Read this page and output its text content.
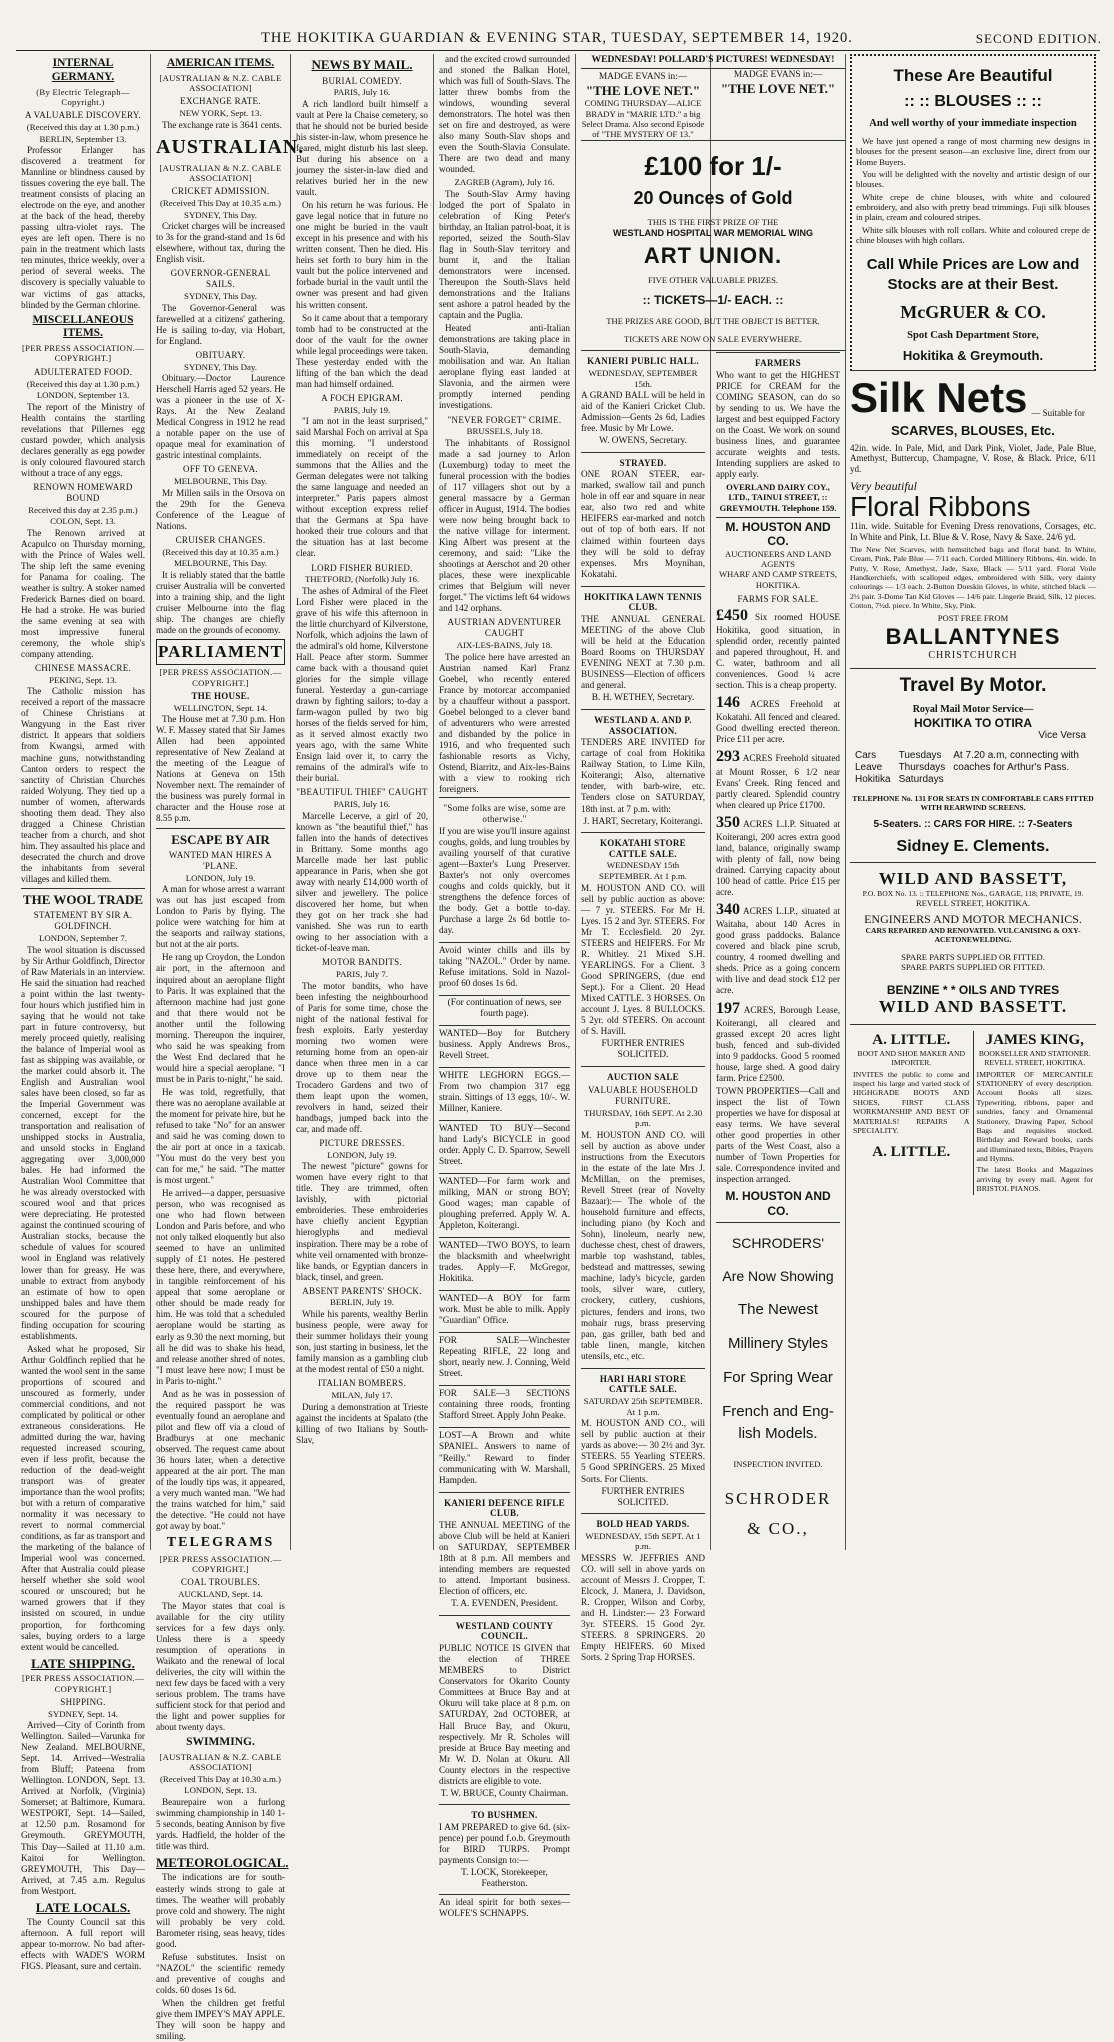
THE HOKITIKA GUARDIAN & EVENING STAR, TUESDAY, SEPTEMBER 14, 1920.	SECOND EDITION.
INTERNAL GERMANY.
(By Electric Telegraph—Copyright.)
A VALUABLE DISCOVERY.
(Received this day at 1.30 p.m.)
BERLIN, September 13.

Professor Erlanger has discovered a treatment for Mannline or blindness caused by tissues covering the eye ball. The treatment consists of placing an electrode on the eye, and another at the back of the head, thereby passing ultra-violet rays. The eyes are left open. There is no pain in the treatment which lasts ten minutes, thrice weekly, over a period of several weeks. The discovery is specially valuable to war victims of gas attacks, blinded by the German chlorine.

MISCELLANEOUS ITEMS.
[PER PRESS ASSOCIATION.—COPYRIGHT.]
ADULTERATED FOOD.
(Received this day at 1.30 p.m.)
LONDON, September 13.

The report of the Ministry of Health contains the startling revelations that Pillernes egg custard powder, which analysis declares generally as egg powder is only coloured flavoured starch without a trace of any eggs.

RENOWN HOMEWARD BOUND
Received this day at 2.35 p.m.)
COLON, Sept. 13.

The Renown arrived at Acapulco on Thursday morning, with the Prince of Wales well. The ship left the same evening for Panama for coaling. The weather is sultry. A stoker named Frederick Barnes died on board. He had a stroke. He was buried the same evening at sea with most impressive funeral ceremony, the whole ship's company attending.

CHINESE MASSACRE.
PEKING, Sept. 13.

The Catholic mission has received a report of the massacre of Chinese Christians at Wangyung in the East river district. It appears that soldiers from Kwangsi, armed with machine guns, notwithstanding Canton orders to respect the sanctity of Christian Churches raided Wolyung. They tied up a number of women, afterwards shooting them dead. They also dragged a Chinese Christian teacher from a church, and shot him. They assaulted his place and desecrated the church and drove the inhabitants from several villages and killed them.

THE WOOL TRADE
STATEMENT BY SIR A. GOLDFINCH.
LONDON, September 7.

The wool situation is discussed by Sir Arthur Goldfinch, Director of Raw Materials in an interview. He said the situation had reached a point within the last twenty-four hours which justified him in saying that he would not take part in future controversy, but merely proceed quietly, realising the balance of Imperial wool as fast as shipping was available, or the market could absorb it. The English and Australian wool sales have been closed, so far as the Imperial Government was concerned, except for the transportation and realisation of unshipped stocks in Australia, and unsold stocks in England aggregating over 3,000,000 bales. He had informed the Australian Wool Committee that he was already overstocked with scoured wool and that prices were depreciating. He protested against the continued scouring of Australian stocks, because the schedule of values for scoured wool in England was relatively lower than for greasy. He was unable to extract from anybody an estimate of how to open unshipped bales and have them scoured for the purpose of finding occupation for scouring establishments.

Asked what he proposed, Sir Arthur Goldfinch replied that he wanted the wool sent in the same proportions of scoured and unscoured as formerly, under commercial conditions, and not complicated by political or other extraneous considerations. He admitted during the war, having requested increased scouring, even if less profit, because the reduction of the dead-weight transport was of greater importance than the wool profits; but with a return of comparative normality it was necessary to revert to normal commercial conditions, as far as transport and the marketing of the balance of Imperial wool was concerned. After that Australia could please herself whether she sold wool scoured or unscoured; but he warned growers that if they insisted on scoured, in undue proportion, for forthcoming sales, buying orders to a large extent would be cancelled.

LATE SHIPPING.
[PER PRESS ASSOCIATION.—COPYRIGHT.]
SHIPPING.
SYDNEY, Sept. 14.

Arrived—City of Corinth from Wellington. Sailed—Varunka for New Zealand. MELBOURNE, Sept. 14. Arrived—Westralia from Bluff; Pateena from Wellington. LONDON, Sept. 13. Arrived at Norfolk, (Virginia) Somerset; at Baltimore, Kumara. WESTPORT, Sept. 14—Sailed, at 12.50 p.m. Rosamond for Greymouth. GREYMOUTH, This Day—Sailed at 11.10 a.m. Kaitoi for Wellington. GREYMOUTH, This Day—Arrived, at 7.45 a.m. Regulus from Westport.

LATE LOCALS.

The County Council sat this afternoon. A full report will appear to-morrow. No bad after-effects with WADE'S WORM FIGS. Pleasant, sure and certain.

AMERICAN ITEMS.
[AUSTRALIAN & N.Z. CABLE ASSOCIATION]
EXCHANGE RATE.
NEW YORK, Sept. 13.

The exchange rate is 3641 cents.

AUSTRALIAN.
[AUSTRALIAN & N.Z. CABLE ASSOCIATION]
CRICKET ADMISSION.
(Received This Day at 10.35 a.m.)
SYDNEY, This Day.

Cricket charges will be increased to 3s for the grand-stand and 1s 6d elsewhere, without tax, during the English visit.

GOVERNOR-GENERAL SAILS.
SYDNEY, This Day.

The Governor-General was farewelled at a citizens' gathering. He is sailing to-day, via Hobart, for England.

OBITUARY.
SYDNEY, This Day.

Obituary.—Doctor Laurence Herschell Harris aged 52 years. He was a pioneer in the use of X-Rays. At the New Zealand Medical Congress in 1912 he read a notable paper on the use of opaque meal for examination of gastric intestinal complaints.

OFF TO GENEVA.
MELBOURNE, This Day.

Mr Millen sails in the Orsova on the 29th for the Geneva Conference of the League of Nations.

CRUISER CHANGES.
(Received this day at 10.35 a.m.)
MELBOURNE, This Day.

It is reliably stated that the battle cruiser Australia will be converted into a training ship, and the light cruiser Melbourne into the flag ship. The changes are chiefly made on the grounds of economy.

PARLIAMENT
[PER PRESS ASSOCIATION.—COPYRIGHT.]
THE HOUSE.
WELLINGTON, Sept. 14.

The House met at 7.30 p.m. Hon W. F. Massey stated that Sir James Allen had been appointed representative of New Zealand at the meeting of the League of Nations at Geneva on 15th November next. The remainder of the business was purely formal in character and the House rose at 8.55 p.m.

ESCAPE BY AIR
WANTED MAN HIRES A 'PLANE.
LONDON, July 19.

A man for whose arrest a warrant was out has just escaped from London to Paris by flying. The police were watching for him at the seaports and railway stations, but not at the air ports.

He rang up Croydon, the London air port, in the afternoon and inquired about an aeroplane flight to Paris. It was explained that the afternoon machine had just gone and that there would not be another until the following morning. Thereupon the inquirer, who said he was speaking from the West End declared that he would hire a special aeroplane. "I must be in Paris to-night," he said.

He was told, regretfully, that there was no aeroplane available at the moment for private hire, but he refused to take "No" for an answer and said he was coming down to the air port at once in a taxicab. "You must do the very best you can for me," he said. "The matter is most urgent."

He arrived—a dapper, persuasive person, who was recognised as one who had flown between London and Paris before, and who not only talked eloquently but also seemed to have an unlimited supply of £1 notes. He pestered these here, there, and everywhere, in tangible reinforcement of his appeal that some aeroplane or other should be made ready for him. He was told that a scheduled aeroplane would be starting as early as 9.30 the next morning, but all he did was to shake his head, and release another shred of notes. "I must leave here now; I must be in Paris to-night."

And as he was in possession of the required passport he was eventually found an aeroplane and pilot and flew off via a cloud of Bradburys at one mechanic observed. The request came about 36 hours later, when a detective appeared at the air port. The man of the loudly tips was, it appeared, a very much wanted man. "We had the trains watched for him," said the detective. "He could not have got away by boat."

TELEGRAMS
[PER PRESS ASSOCIATION.—COPYRIGHT.]
COAL TROUBLES.
AUCKLAND, Sept. 14.

The Mayor states that coal is available for the city utility services for a few days only. Unless there is a speedy resumption of operations in Waikato and the renewal of local deliveries, the city will within the next few days be faced with a very serious problem. The trams have sufficient stock for that period and the light and power supplies for about twenty days.

SWIMMING.
[AUSTRALIAN & N.Z. CABLE ASSOCIATION]
(Received This Day at 10.30 a.m.)
LONDON, Sept. 13.

Beaurepaire won a furlong swimming championship in 140 1-5 seconds, beating Annison by five yards. Hadfield, the holder of the title was third.

METEOROLOGICAL.

The indications are for south-easterly winds strong to gale at times. The weather will probably prove cold and showery. The night will probably be very cold. Barometer rising, seas heavy, tides good.

Refuse substitutes. Insist on "NAZOL" the scientific remedy and preventive of coughs and colds. 60 doses 1s 6d.

When the children get fretful give them IMPEY'S MAY APPLE. They will soon be happy and smiling.

NEWS BY MAIL.
BURIAL COMEDY.
PARIS, July 16.

A rich landlord built himself a vault at Pere la Chaise cemetery, so that he should not be buried beside his sister-in-law, whom presence he feared, might disturb his last sleep. But during his absence on a journey the sister-in-law died and relatives buried her in the new vault.

On his return he was furious. He gave legal notice that in future no one might be buried in the vault except in his presence and with his written consent. Then he died. His heirs set forth to bury him in the vault but the police intervened and forbade burial in the vault until the owner was present and had given his written consent.

So it came about that a temporary tomb had to be constructed at the door of the vault for the owner while legal proceedings were taken. These yesterday ended with the lifting of the ban which the dead man had himself ordained.

A FOCH EPIGRAM.
PARIS, July 19.

"I am not in the least surprised," said Marshal Foch on arrival at Spa this morning. "I understood immediately on receipt of the summons that the Allies and the German delegates were not talking the same language and needed an interpreter." Paris papers almost without exception express relief that the Germans at Spa have hooked their true colours and that the situation has at last become clear.

LORD FISHER BURIED.
THETFORD, (Norfolk) July 16.

The ashes of Admiral of the Fleet Lord Fisher were placed in the grave of his wife this afternoon in the little churchyard of Kilverstone, Norfolk, which adjoins the lawn of the admiral's old home, Kilverstone Hall. Peace after storm. Summer came back with a thousand quiet glories for the simple village funeral. Yesterday a gun-carriage drawn by fighting sailors; to-day a farm-wagon pulled by two big horses of the fields served for him, as it served almost exactly two years ago, with the same White Ensign laid over it, to carry the remains of the admiral's wife to their burial.

"BEAUTIFUL THIEF" CAUGHT
PARIS, July 16.

Marcelle Lecerve, a girl of 20, known as "the beautiful thief," has fallen into the hands of detectives in Brittany. Some months ago Marcelle made her last public appearance in Paris, when she got away with nearly £14,000 worth of silver and jewellery. The police discovered her home, but when they got on her track she had vanished. She was run to earth owing to her association with a ticket-of-leave man.

MOTOR BANDITS.
PARIS, July 7.

The motor bandits, who have been infesting the neighbourhood of Paris for some time, chose the night of the national festival for fresh exploits. Early yesterday morning two women were returning home from an open-air dance when three men in a car drove up to them near the Trocadero Gardens and two of them leapt upon the women, revolvers in hand, seized their handbags, jumped back into the car, and made off.

PICTURE DRESSES.
LONDON, July 19.

The newest "picture" gowns for women have every right to that title. They are trimmed, often lavishly, with pictorial embroideries. These embroideries have chiefly ancient Egyptian hieroglyphs and medieval inspiration. There may be a robe of white veil ornamented with bronze-like bands, or Egyptian dancers in black, tinsel, and green.

ABSENT PARENTS' SHOCK.
BERLIN, July 19.

While his parents, wealthy Berlin business people, were away for their summer holidays their young son, just starting in business, let the family mansion as a gambling club at the modest rental of £50 a night.

ITALIAN BOMBERS.
MILAN, July 17.

During a demonstration at Trieste against the incidents at Spalato (the killing of two Italians by South-Slav,

and the excited crowd surrounded and stoned the Balkan Hotel, which was full of South-Slavs. The latter threw bombs from the windows, wounding several demonstrators. The hotel was then set on fire and destroyed, as were also many South-Slav shops and even the South-Slavia Consulate. There are two dead and many wounded.

ZAGREB (Agram), July 16.

The South-Slav Army having lodged the port of Spalato in celebration of King Peter's birthday, an Italian patrol-boat, it is reported, seized the South-Slav flag in South-Slav territory and burnt it, and the Italian demonstrators were incensed. Thereupon the South-Slavs held demonstrations and the Italians sent ashore a patrol headed by the captain and the Puglia.

Heated anti-Italian demonstrations are taking place in South-Slavia, demanding mobilisation and war. An Italian aeroplane flying east landed at Slavonia, and the airmen were promptly interned pending investigations.

"NEVER FORGET" CRIME.
BRUSSELS, July 18.

The inhabitants of Rossignol made a sad journey to Arlon (Luxemburg) today to meet the funeral procession with the bodies of 117 villagers shot out by a general massacre by a German officer in August, 1914. The bodies were now being brought back to the native village for interment. King Albert was present at the ceremony, and said: "Like the shootings at Aerschot and 20 other places, these were inexplicable crimes that Belgium will never forget." The victims left 64 widows and 142 orphans.

AUSTRIAN ADVENTURER CAUGHT
AIX-LES-BAINS, July 18.

The police here have arrested an Austrian named Karl Franz Goebel, who recently entered France by motorcar accompanied by a chauffeur without a passport. Goebel belonged to a clever band of adventurers who were arrested and disbanded by the police in 1916, and who frequented such fashionable resorts as Vichy, Ostend, Biarritz, and Aix-les-Bains with a view to rooking rich foreigners.

"Some folks are wise, some are otherwise."

If you are wise you'll insure against coughs, golds, and lung troubles by availing yourself of that curative agent—Baxter's Lung Preserver. Baxter's not only overcomes coughs and colds quickly, but it strengthens the defence forces of the body. Get a bottle to-day. Purchase a large 2s 6d bottle to-day.

Avoid winter chills and ills by taking "NAZOL." Order by name. Refuse imitations. Sold in Nazol-proof 60 doses 1s 6d.

(For continuation of news, see fourth page).

WANTED—Boy for Butchery business. Apply Andrews Bros., Revell Street.

WHITE LEGHORN EGGS.—From two champion 317 egg strain. Sittings of 13 eggs, 10/-. W. Millner, Kaniere.

WANTED TO BUY—Second hand Lady's BICYCLE in good order. Apply C. D. Sparrow, Sewell Street.

WANTED—For farm work and milking, MAN or strong BOY; Good wages; man capable of ploughing preferred. Apply W. A. Appleton, Koiterangi.

WANTED—TWO BOYS, to learn the blacksmith and wheelwright trades. Apply—F. McGregor, Hokitika.

WANTED—A BOY for farm work. Must be able to milk. Apply "Guardian" Office.

FOR SALE—Winchester Repeating RIFLE, 22 long and short, nearly new. J. Conning, Weld Street.

FOR SALE—3 SECTIONS containing three roods, fronting Stafford Street. Apply John Peake.

LOST—A Brown and white SPANIEL. Answers to name of "Reilly." Reward to finder communicating with W. Marshall, Hampden.

KANIERI DEFENCE RIFLE CLUB.

THE ANNUAL MEETING of the above Club will be held at Kanieri on SATURDAY, SEPTEMBER 18th at 8 p.m. All members and intending members are requested to attend. Important business. Election of officers, etc.

T. A. EVENDEN, President.
WESTLAND COUNTY COUNCIL.

PUBLIC NOTICE IS GIVEN that the election of THREE MEMBERS to District Conservators for Okarito County Committees at Bruce Bay and at Okuru will take place at 8 p.m. on SATURDAY, 2nd OCTOBER, at Hall Bruce Bay, and Okuru, respectively. Mr R. Scholes will preside at Bruce Bay meeting and Mr W. D. Nolan at Okuru. All County electors in the respective districts are eligible to vote.

T. W. BRUCE, County Chairman.
TO BUSHMEN.

I AM PREPARED to give 6d. (six-pence) per pound f.o.b. Greymouth for BIRD TURPS. Prompt payments Consign to:—

T. LOCK, Storekeeper, Featherston.

An ideal spirit for both sexes—WOLFE'S SCHNAPPS.

WEDNESDAY! POLLARD'S PICTURES! WEDNESDAY!
MADGE EVANS in:—
"THE LOVE NET."
COMING THURSDAY—ALICE BRADY in "MARIE LTD." a big Select Drama. Also second Episode of "THE MYSTERY OF 13."
£100 for 1/-
20 Ounces of Gold
THIS IS THE FIRST PRIZE OF THE
WESTLAND HOSPITAL WAR MEMORIAL WING
ART UNION.
FIVE OTHER VALUABLE PRIZES.
:: TICKETS—1/- EACH. ::
THE PRIZES ARE GOOD, BUT THE OBJECT IS BETTER.
TICKETS ARE NOW ON SALE EVERYWHERE.
KANIERI PUBLIC HALL.
WEDNESDAY, SEPTEMBER 15th.

A GRAND BALL will be held in aid of the Kanieri Cricket Club. Admission—Gents 2s 6d, Ladies free. Music by Mr Lowe.

W. OWENS, Secretary.
STRAYED.

ONE ROAN STEER, ear-marked, swallow tail and punch hole in off ear and square in near ear, also two red and white HEIFERS ear-marked and notch out of top of both ears. If not claimed within fourteen days they will be sold to defray expenses. Mrs Moynihan, Kokatahi.

HOKITIKA LAWN TENNIS CLUB.

THE ANNUAL GENERAL MEETING of the above Club will be held at the Education Board Rooms on THURSDAY EVENING NEXT at 7.30 p.m. BUSINESS—Election of officers and general.

B. H. WETHEY, Secretary.
WESTLAND A. AND P. ASSOCIATION.

TENDERS ARE INVITED for cartage of coal from Hokitika Railway Station, to Lime Kiln, Koiterangi; Also, alternative tender, with barb-wire, etc. Tenders close on SATURDAY, 18th inst. at 7 p.m. with:

J. HART, Secretary, Koiterangi.
KOKATAHI STORE CATTLE SALE.
WEDNESDAY 15th SEPTEMBER. At 1 p.m.

M. HOUSTON AND CO. will sell by public auction as above:— 7 yr. STEERS. For Mr H. Lyes. 15 2 and 3yr. STEERS. For Mr T. Ecclesfield. 20 2yr. STEERS and HEIFERS. For Mr R. Whitley. 21 Mixed S.H. YEARLINGS. For a Client. 3 Good SPRINGERS, (due end Sept.). For a Client. 20 Head Mixed CATTLE. 3 HORSES. On account J. Lyes. 8 BULLOCKS. 5 2yr. old STEERS. On account of S. Havill.

FURTHER ENTRIES SOLICITED.
AUCTION SALE
VALUABLE HOUSEHOLD FURNITURE.
THURSDAY, 16th SEPT. At 2.30 p.m.

M. HOUSTON AND CO. will sell by auction as above under instructions from the Executors in the estate of the late Mrs J. McMillan, on the premises, Revell Street (rear of Novelty Bazaar):— The whole of the household furniture and effects, including piano (by Koch and Sohn), linoleum, nearly new, duchesse chest, chest of drawers, marble top washstand, tables, bedstead and mattresses, sewing machine, lady's bicycle, garden tools, silver ware, cutlery, crockery, cutlery, cushions, pictures, fenders and irons, two mohair rugs, brass preserving pan, gas griller, bath bed and table linen, mangle, kitchen utensils, etc., etc.

HARI HARI STORE CATTLE SALE.
SATURDAY 25th SEPTEMBER. At 1 p.m.

M. HOUSTON AND CO., will sell by public auction at their yards as above:— 30 2½ and 3yr. STEERS. 55 Yearling STEERS. 5 Good SPRINGERS. 25 Mixed Sorts. For Clients.

FURTHER ENTRIES SOLICITED.
BOLD HEAD YARDS.
WEDNESDAY, 15th SEPT. At 1 p.m.

MESSRS W. JEFFRIES AND CO. will sell in above yards on account of Messrs J. Cropper, T. Elcock, J. Manera, J. Davidson, R. Cropper, Wilson and Corby, and H. Lindster:— 23 Forward 3yr. STEERS. 15 Good 2yr. STEERS. 8 SPRINGERS. 20 Empty HEIFERS. 60 Mixed Sorts. 2 Spring Trap HORSES.

MADGE EVANS in:—
"THE LOVE NET."
FARMERS

Who want to get the HIGHEST PRICE for CREAM for the COMING SEASON, can do so by sending to us. We have the largest and best equipped Factory on the Coast. We work on sound business lines, and guarantee accurate weights and tests. Intending suppliers are asked to apply early.

OVERLAND DAIRY COY., LTD., TAINUI STREET, :: GREYMOUTH. Telephone 159.
M. HOUSTON AND CO.
AUCTIONEERS AND LAND AGENTS
WHARF AND CAMP STREETS, HOKITIKA.
FARMS FOR SALE.

£450 Six roomed HOUSE Hokitika, good situation, in splendid order, recently painted and papered throughout, H. and C. water, bathroom and all conveniences. Good ¼ acre section. This is a cheap property.

146 ACRES Freehold at Kokatahi. All fenced and cleared. Good dwelling erected thereon. Price £11 per acre.

293 ACRES Freehold situated at Mount Rosser, 6 1/2 near Evans' Creek. Ring fenced and partly cleared. Splendid country when cleared up Price £1700.

350 ACRES L.I.P. Situated at Koiterangi, 200 acres extra good land, balance, originally swamp with plenty of fall, now being drained. Carrying capacity about 100 head of cattle. Price £15 per acre.

340 ACRES L.I.P., situated at Waitaha, about 140 Acres in good grass paddocks. Balance covered and black pine scrub, country, 4 roomed dwelling and sheds. Price as a going concern with live and dead stock £12 per acre.

197 ACRES, Borough Lease, Koiterangi, all cleared and grassed except 20 acres light bush, fenced and sub-divided into 9 paddocks. Good 5 roomed house, large shed. A good dairy farm. Price £2500.

TOWN PROPERTIES—Call and inspect the list of Town properties we have for disposal at easy terms. We have several other good properties in other parts of the West Coast, also a number of Town Properties for sale. Correspondence invited and inspection arranged.

M. HOUSTON AND CO.
SCHRODERS'
Are Now Showing
The Newest
Millinery Styles
For Spring Wear
French and Eng-
lish Models.
INSPECTION INVITED.
SCHRODER
& CO.,
These Are Beautiful
:: :: BLOUSES :: ::
And well worthy of your immediate inspection

We have just opened a range of most charming new designs in blouses for the present season—an exclusive line, direct from our Home Buyers.

You will be delighted with the novelty and artistic design of our blouses.

White crepe de chine blouses, with white and coloured embroidery, and also with pretty bead trimmings. Fuji silk blouses in plain, cream and coloured stripes.

White silk blouses with roll collars. White and coloured crepe de chine blouses with high collars.

Call While Prices are Low and Stocks are at their Best.
McGRUER & CO.
Spot Cash Department Store,
Hokitika & Greymouth.
Silk Nets — Suitable for
SCARVES, BLOUSES, Etc.

42in. wide. In Pale, Mid, and Dark Pink, Violet, Jade, Pale Blue, Amethyst, Buttercup, Champagne, V. Rose, & Black. Price, 6/11 yd.

Very beautiful
Floral Ribbons

11in. wide. Suitable for Evening Dress renovations, Corsages, etc. In White and Pink, Lt. Blue & V. Rose, Navy & Saxe. 24/6 yd.

The New Net Scarves, with hemstitched bags and floral band. In White, Cream, Pink, Pale Blue — 7/11 each. Corded Millinery Ribbons, 4in. wide. In Putty, V. Rose, Amethyst, Jade, Saxe, Black — 5/11 yard. Floral Voile Handkerchiefs, with scalloped edges, embroidered with Silk, very dainty colourings — 1/3 each. 2-Button Doeskin Gloves, in white, stitched black — 2½ pair. 3-Dome Tan Kid Gloves — 14/6 pair. Lingerie Braid, Silk, 12 pieces. Cotton, 7½d. piece. In White, Sky, Pink.

POST FREE FROM
BALLANTYNES
CHRISTCHURCH
Travel By Motor.
Royal Mail Motor Service—
HOKITIKA TO OTIRA
Vice Versa
Cars
Leave
Hokitika

Tuesdays
Thursdays
Saturdays
	At 7.20 a.m, connecting with coaches for Arthur's Pass.
TELEPHONE No. 131 FOR SEATS IN COMFORTABLE CARS FITTED WITH REARWIND SCREENS.
5-Seaters. :: CARS FOR HIRE. :: 7-Seaters
Sidney E. Clements.
WILD AND BASSETT,
P.O. BOX No. 13. :: TELEPHONE Nos., GARAGE, 118; PRIVATE, 19.
REVELL STREET, HOKITIKA.
ENGINEERS AND MOTOR MECHANICS.
CARS REPAIRED AND RENOVATED. VULCANISING & OXY-ACETONEWELDING.
SPARE PARTS SUPPLIED OR FITTED.
SPARE PARTS SUPPLIED OR FITTED.
BENZINE * * OILS AND TYRES
WILD AND BASSETT.
A. LITTLE.
BOOT AND SHOE MAKER AND IMPORTER.

INVITES the public to come and inspect his large and varied stock of HIGHGRADE BOOTS AND SHOES, FIRST CLASS WORKMANSHIP AND BEST OF MATERIALS! REPAIRS A SPECIALITY.

A. LITTLE.
JAMES KING,
BOOKSELLER AND STATIONER.
REVELL STREET, HOKITIKA.

IMPORTER OF MERCANTILE STATIONERY of every description. Account Books all sizes. Typewriting, ribbons, paper and sundries, fancy and Ornamental Stationery, Drawing Paper, School Bags and requisites stocked. Birthday and Reward books, cards and illuminated texts, Bibles, Prayers and Hymns.

The latest Books and Magazines arriving by every mail. Agent for BRISTOL PIANOS.
